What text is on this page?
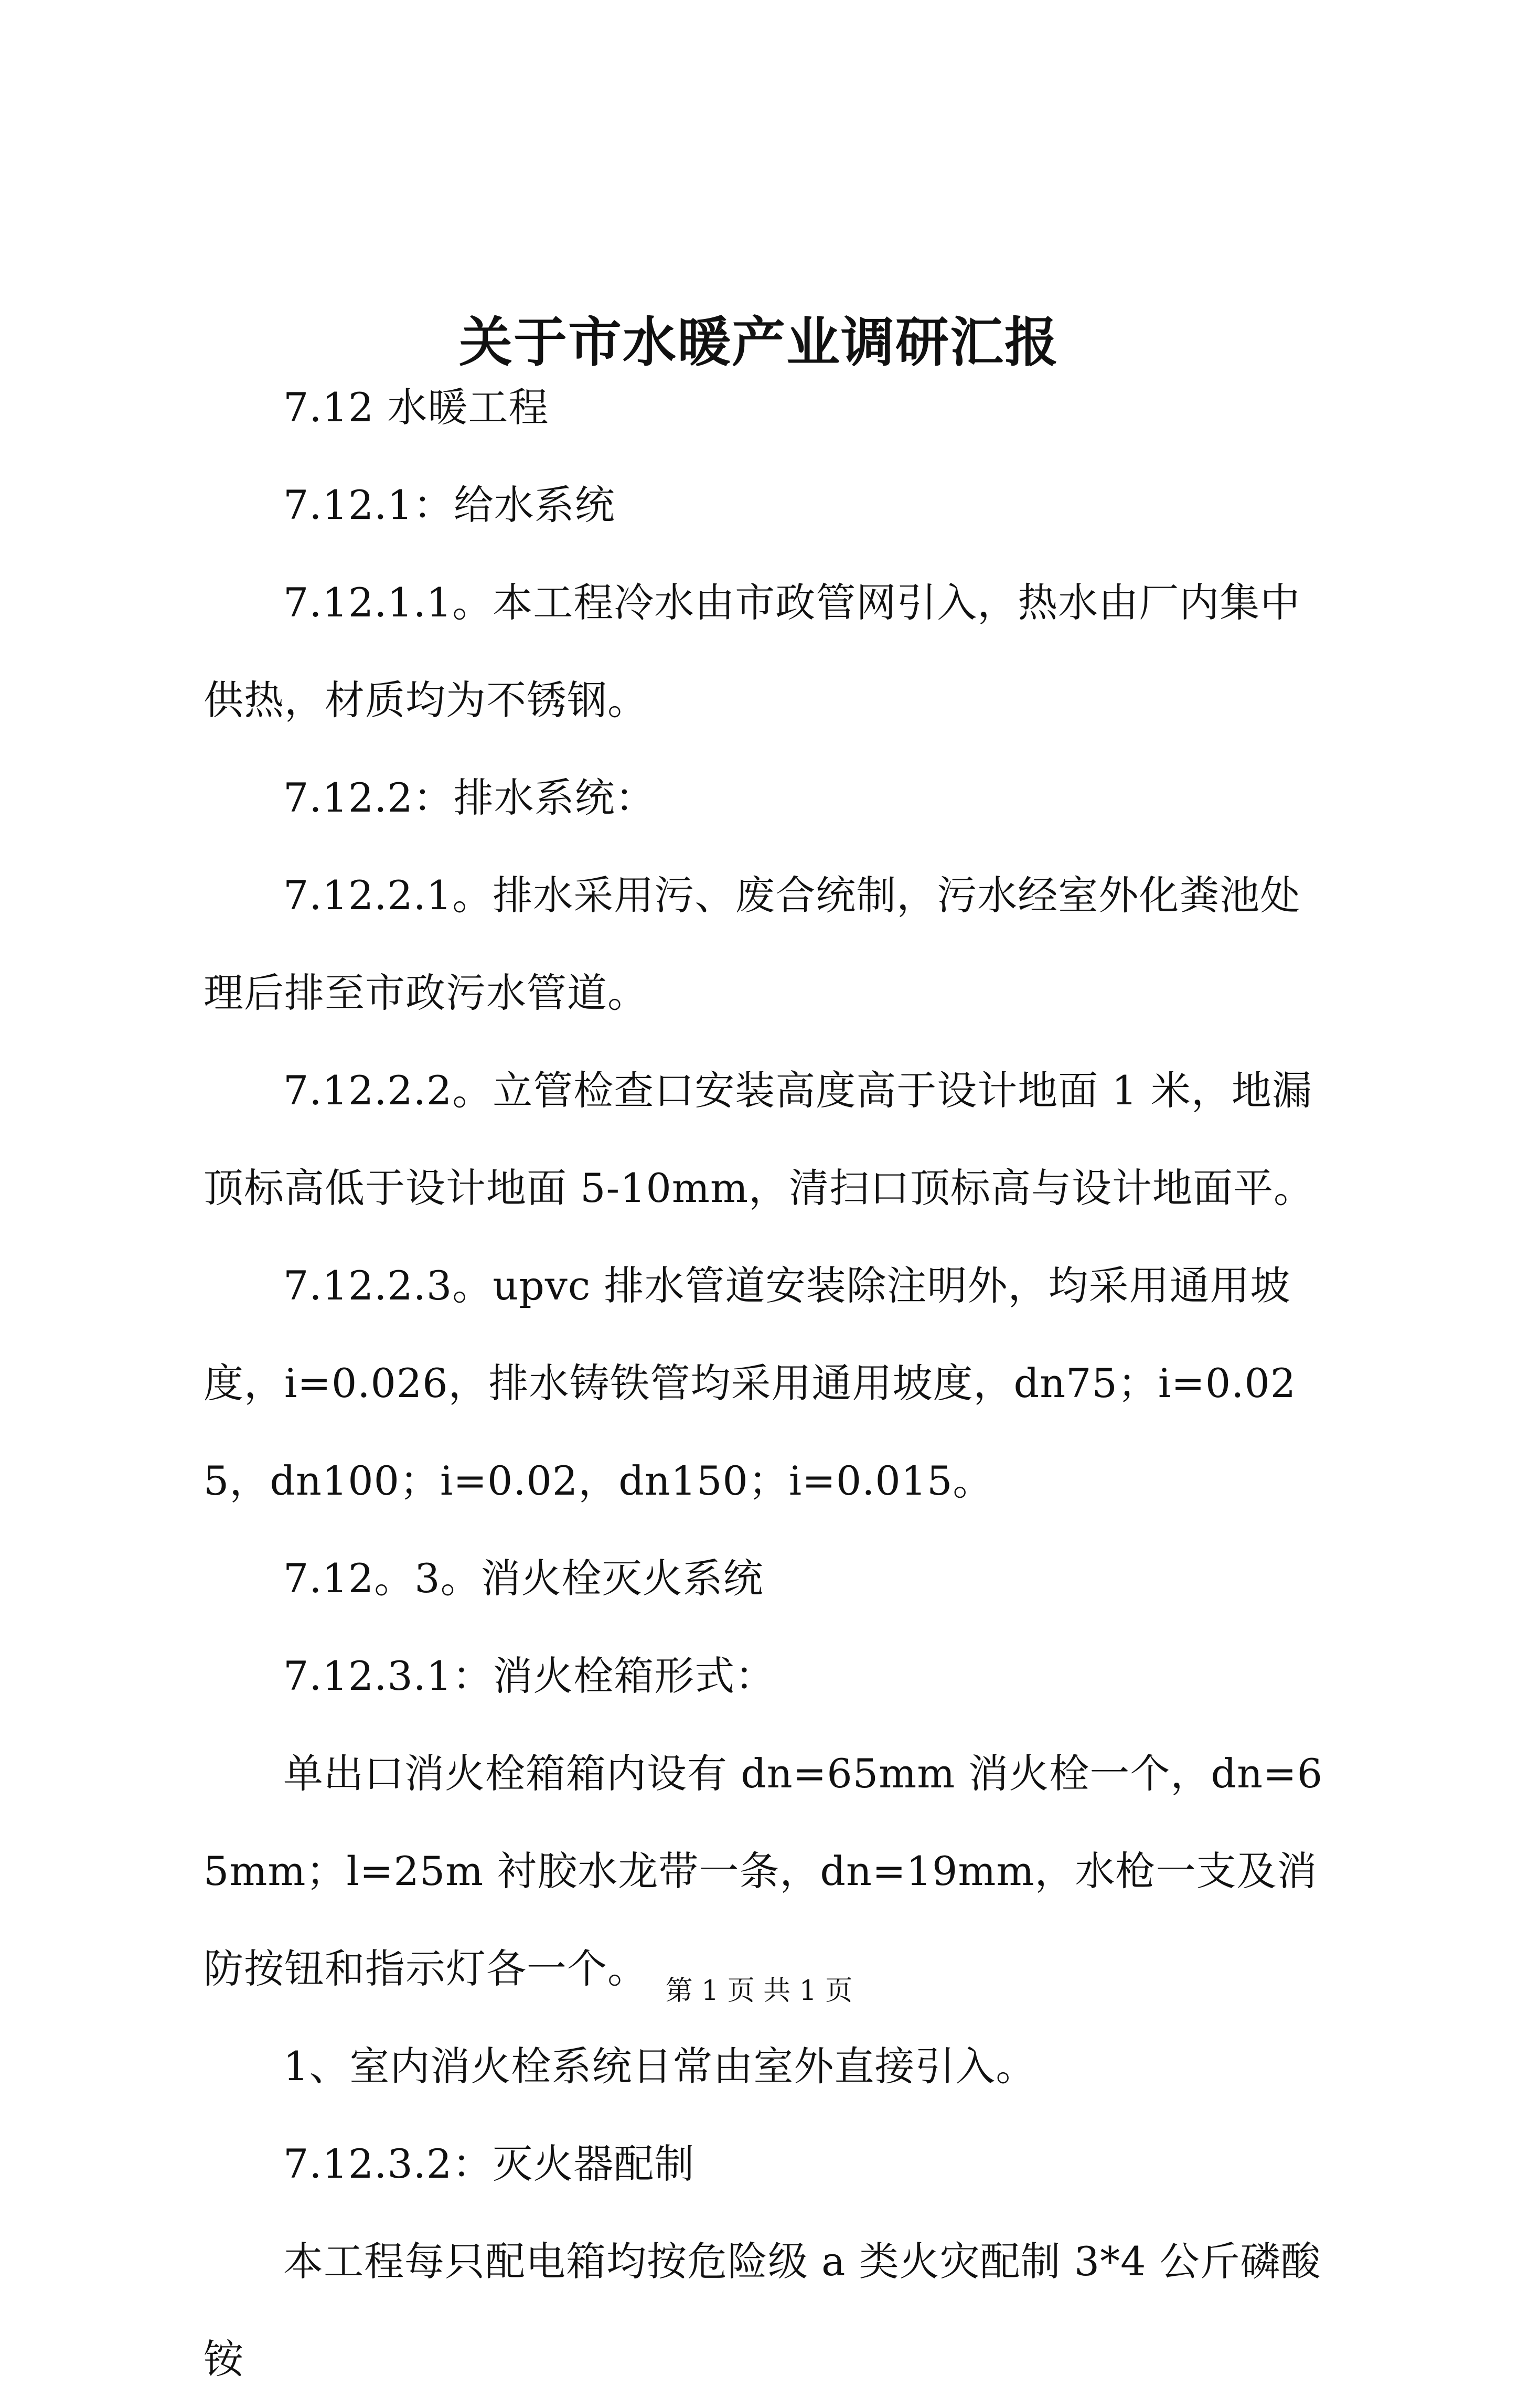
关于市水暖产业调研汇报

7.12 水暖工程

7.12.1：给水系统

7.12.1.1。本工程冷水由市政管网引入，热水由厂内集中供热，材质均为不锈钢。

7.12.2：排水系统：

7.12.2.1。排水采用污、废合统制，污水经室外化粪池处理后排至市政污水管道。

7.12.2.2。立管检查口安装高度高于设计地面 1 米，地漏顶标高低于设计地面 5-10mm，清扫口顶标高与设计地面平。

7.12.2.3。upvc 排水管道安装除注明外，均采用通用坡度，i=0.026，排水铸铁管均采用通用坡度，dn75；i=0.025，dn100；i=0.02，dn150；i=0.015。

7.12。3。消火栓灭火系统

7.12.3.1：消火栓箱形式：

单出口消火栓箱箱内设有 dn=65mm 消火栓一个，dn=65mm；l=25m 衬胶水龙带一条，dn=19mm，水枪一支及消防按钮和指示灯各一个。

1、室内消火栓系统日常由室外直接引入。

7.12.3.2：灭火器配制

本工程每只配电箱均按危险级 a 类火灾配制 3*4 公斤磷酸铵

第 1 页 共 1 页
